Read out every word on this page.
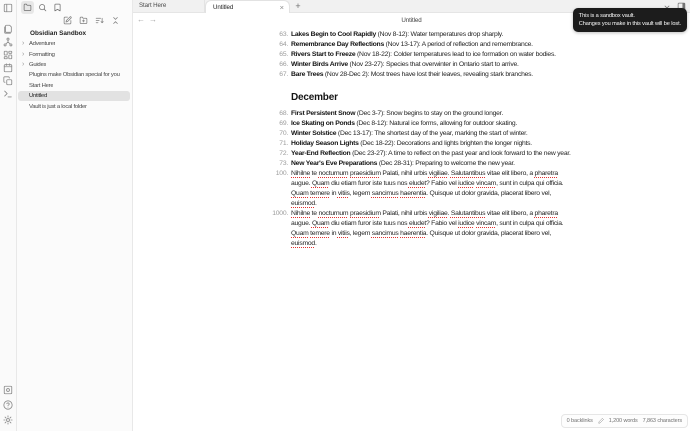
Obsidian Sandbox
› Adventurer
› Formatting
› Guides
Plugins make Obsidian special for you
Start Here
Untitled
Vault is just a local folder
Start Here	Untitled	× +
← →	Untitled
63. Lakes Begin to Cool Rapidly (Nov 8-12): Water temperatures drop sharply.
64. Remembrance Day Reflections (Nov 13-17): A period of reflection and remembrance.
65. Rivers Start to Freeze (Nov 18-22): Colder temperatures lead to ice formation on water bodies.
66. Winter Birds Arrive (Nov 23-27): Species that overwinter in Ontario start to arrive.
67. Bare Trees (Nov 28-Dec 2): Most trees have lost their leaves, revealing stark branches.
December
68. First Persistent Snow (Dec 3-7): Snow begins to stay on the ground longer.
69. Ice Skating on Ponds (Dec 8-12): Natural ice forms, allowing for outdoor skating.
70. Winter Solstice (Dec 13-17): The shortest day of the year, marking the start of winter.
71. Holiday Season Lights (Dec 18-22): Decorations and lights brighten the longer nights.
72. Year-End Reflection (Dec 23-27): A time to reflect on the past year and look forward to the new year.
73. New Year's Eve Preparations (Dec 28-31): Preparing to welcome the new year.
100. Nihilne te nocturnum praesidium Palati, nihil urbis vigiliae. Salutantibus vitae elit libero, a pharetra augue. Quam diu etiam furor iste tuus nos eludet? Fabio vel iudice vincam, sunt in culpa qui officia. Quam temere in vitiis, legem sancimus haerentia. Quisque ut dolor gravida, placerat libero vel, euismod.
1000. Nihilne te nocturnum praesidium Palati, nihil urbis vigiliae. Salutantibus vitae elit libero, a pharetra augue. Quam diu etiam furor iste tuus nos eludet? Fabio vel iudice vincam, sunt in culpa qui officia. Quam temere in vitiis, legem sancimus haerentia. Quisque ut dolor gravida, placerat libero vel, euismod.
This is a sandbox vault.
Changes you make in this vault will be lost.
0 backlinks	1,200 words 7,863 characters
